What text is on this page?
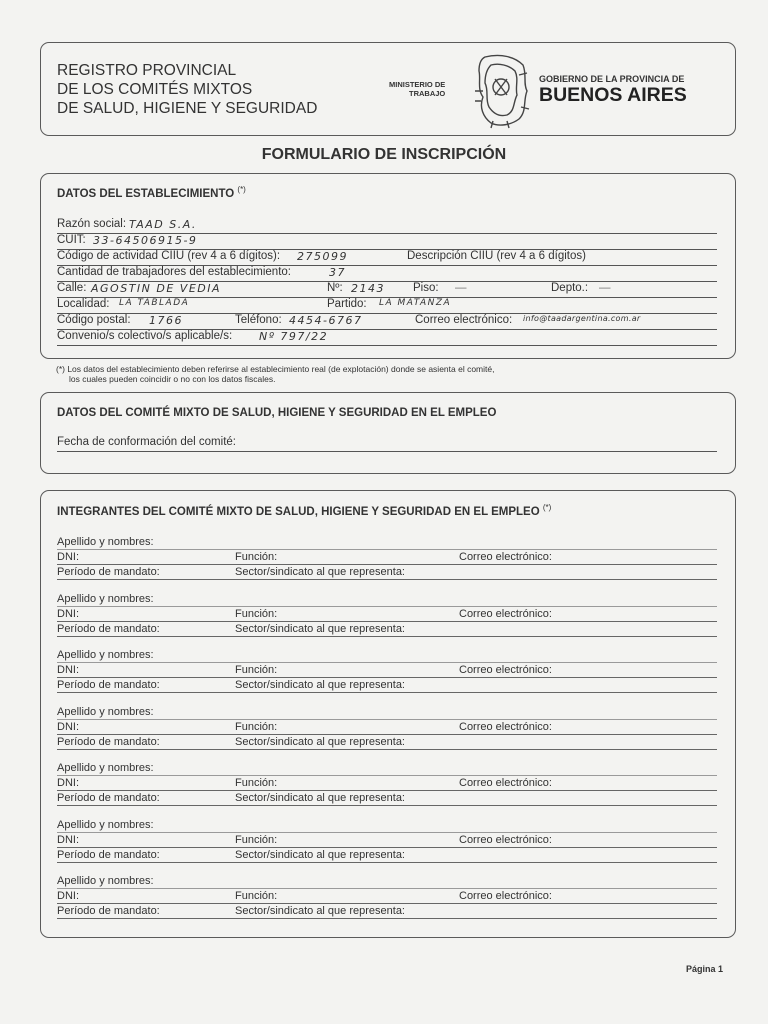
REGISTRO PROVINCIAL
DE LOS COMITÉS MIXTOS
DE SALUD, HIGIENE Y SEGURIDAD
MINISTERIO DE
TRABAJO
GOBIERNO DE LA PROVINCIA DE
BUENOS AIRES
FORMULARIO DE INSCRIPCIÓN
DATOS DEL ESTABLECIMIENTO (*)
Razón social: TAAD S.A.
CUIT: 33-64506915-9
Código de actividad CIIU (rev 4 a 6 dígitos): 275099	Descripción CIIU (rev 4 a 6 dígitos)
Cantidad de trabajadores del establecimiento:	37
Calle: AGOSTIN DE VEDIA	Nº: 2143 Piso: —	Depto.: —
Localidad: LA TABLADA	Partido: LA MATANZA
Código postal: 1766	Teléfono: 4454-6767	Correo electrónico: info@taadargentina.com.ar
Convenio/s colectivo/s aplicable/s: Nº 797/22
(*) Los datos del establecimiento deben referirse al establecimiento real (de explotación) donde se asienta el comité,
los cuales pueden coincidir o no con los datos fiscales.
DATOS DEL COMITÉ MIXTO DE SALUD, HIGIENE Y SEGURIDAD EN EL EMPLEO
Fecha de conformación del comité:
INTEGRANTES DEL COMITÉ MIXTO DE SALUD, HIGIENE Y SEGURIDAD EN EL EMPLEO (*)
Apellido y nombres:
DNI:	Función:	Correo electrónico:
Período de mandato:	Sector/sindicato al que representa:
Apellido y nombres:
DNI:	Función:	Correo electrónico:
Período de mandato:	Sector/sindicato al que representa:
Apellido y nombres:
DNI:	Función:	Correo electrónico:
Período de mandato:	Sector/sindicato al que representa:
Apellido y nombres:
DNI:	Función:	Correo electrónico:
Período de mandato:	Sector/sindicato al que representa:
Apellido y nombres:
DNI:	Función:	Correo electrónico:
Período de mandato:	Sector/sindicato al que representa:
Apellido y nombres:
DNI:	Función:	Correo electrónico:
Período de mandato:	Sector/sindicato al que representa:
Apellido y nombres:
DNI:	Función:	Correo electrónico:
Período de mandato:	Sector/sindicato al que representa:
Página 1
